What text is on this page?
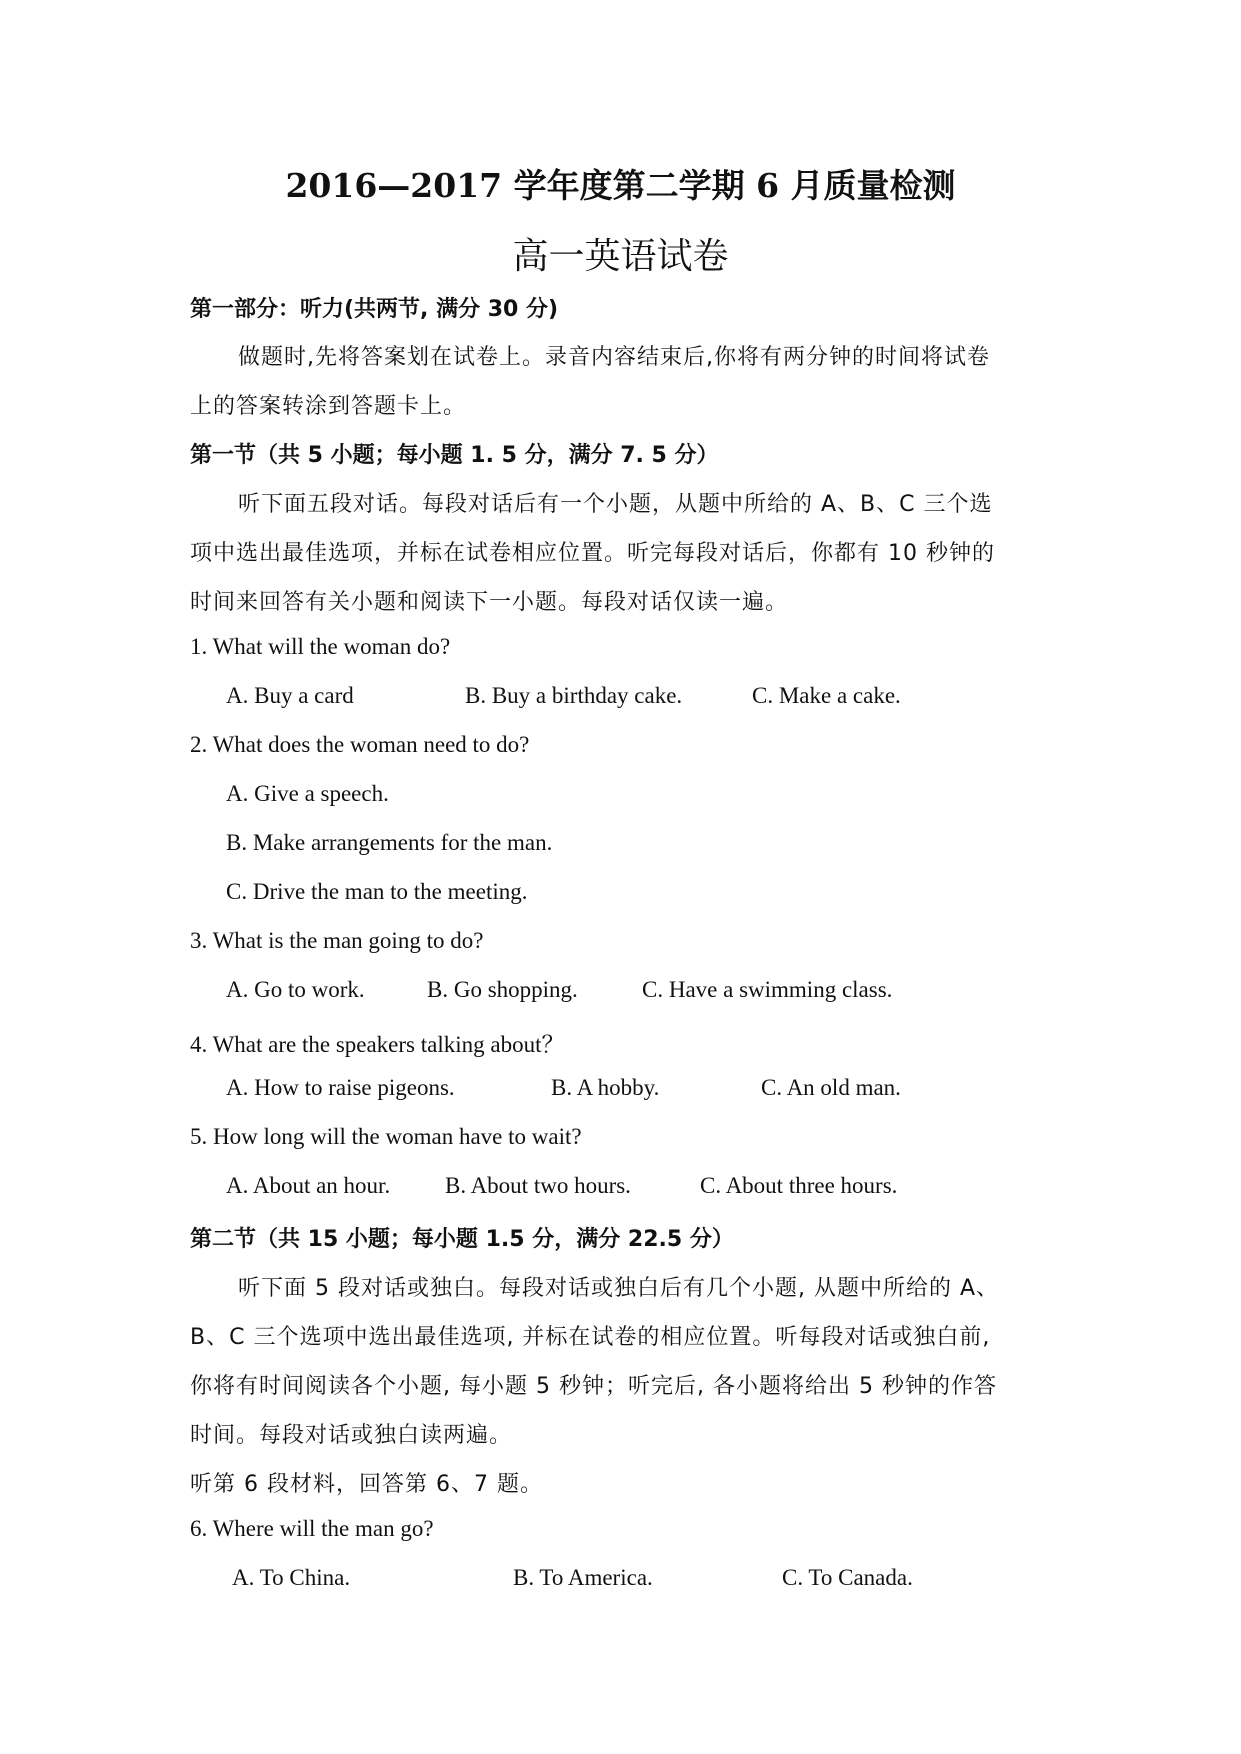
2016—2017 学年度第二学期 6 月质量检测
高一英语试卷
第一部分：听力(共两节, 满分 30 分)
做题时,先将答案划在试卷上。录音内容结束后,你将有两分钟的时间将试卷
上的答案转涂到答题卡上。
第一节（共 5 小题；每小题 1. 5 分，满分 7. 5 分）
听下面五段对话。每段对话后有一个小题，从题中所给的 A、B、C 三个选
项中选出最佳选项，并标在试卷相应位置。听完每段对话后，你都有 10 秒钟的
时间来回答有关小题和阅读下一小题。每段对话仅读一遍。
1. What will the woman do?
A. Buy a card	B. Buy a birthday cake.	C. Make a cake.
2. What does the woman need to do?
A. Give a speech.
B. Make arrangements for the man.
C. Drive the man to the meeting.
3. What is the man going to do?
A. Go to work.	B. Go shopping.	C. Have a swimming class.
4. What are the speakers talking about？
A. How to raise pigeons.	B. A hobby.	C. An old man.
5. How long will the woman have to wait?
A. About an hour. B. About two hours.	C. About three hours.
第二节（共 15 小题；每小题 1.5 分，满分 22.5 分）
听下面 5 段对话或独白。每段对话或独白后有几个小题, 从题中所给的 A、
B、C 三个选项中选出最佳选项, 并标在试卷的相应位置。听每段对话或独白前,
你将有时间阅读各个小题, 每小题 5 秒钟；听完后, 各小题将给出 5 秒钟的作答
时间。每段对话或独白读两遍。
听第 6 段材料，回答第 6、7 题。
6. Where will the man go?
A. To China.	B. To America.	C. To Canada.
